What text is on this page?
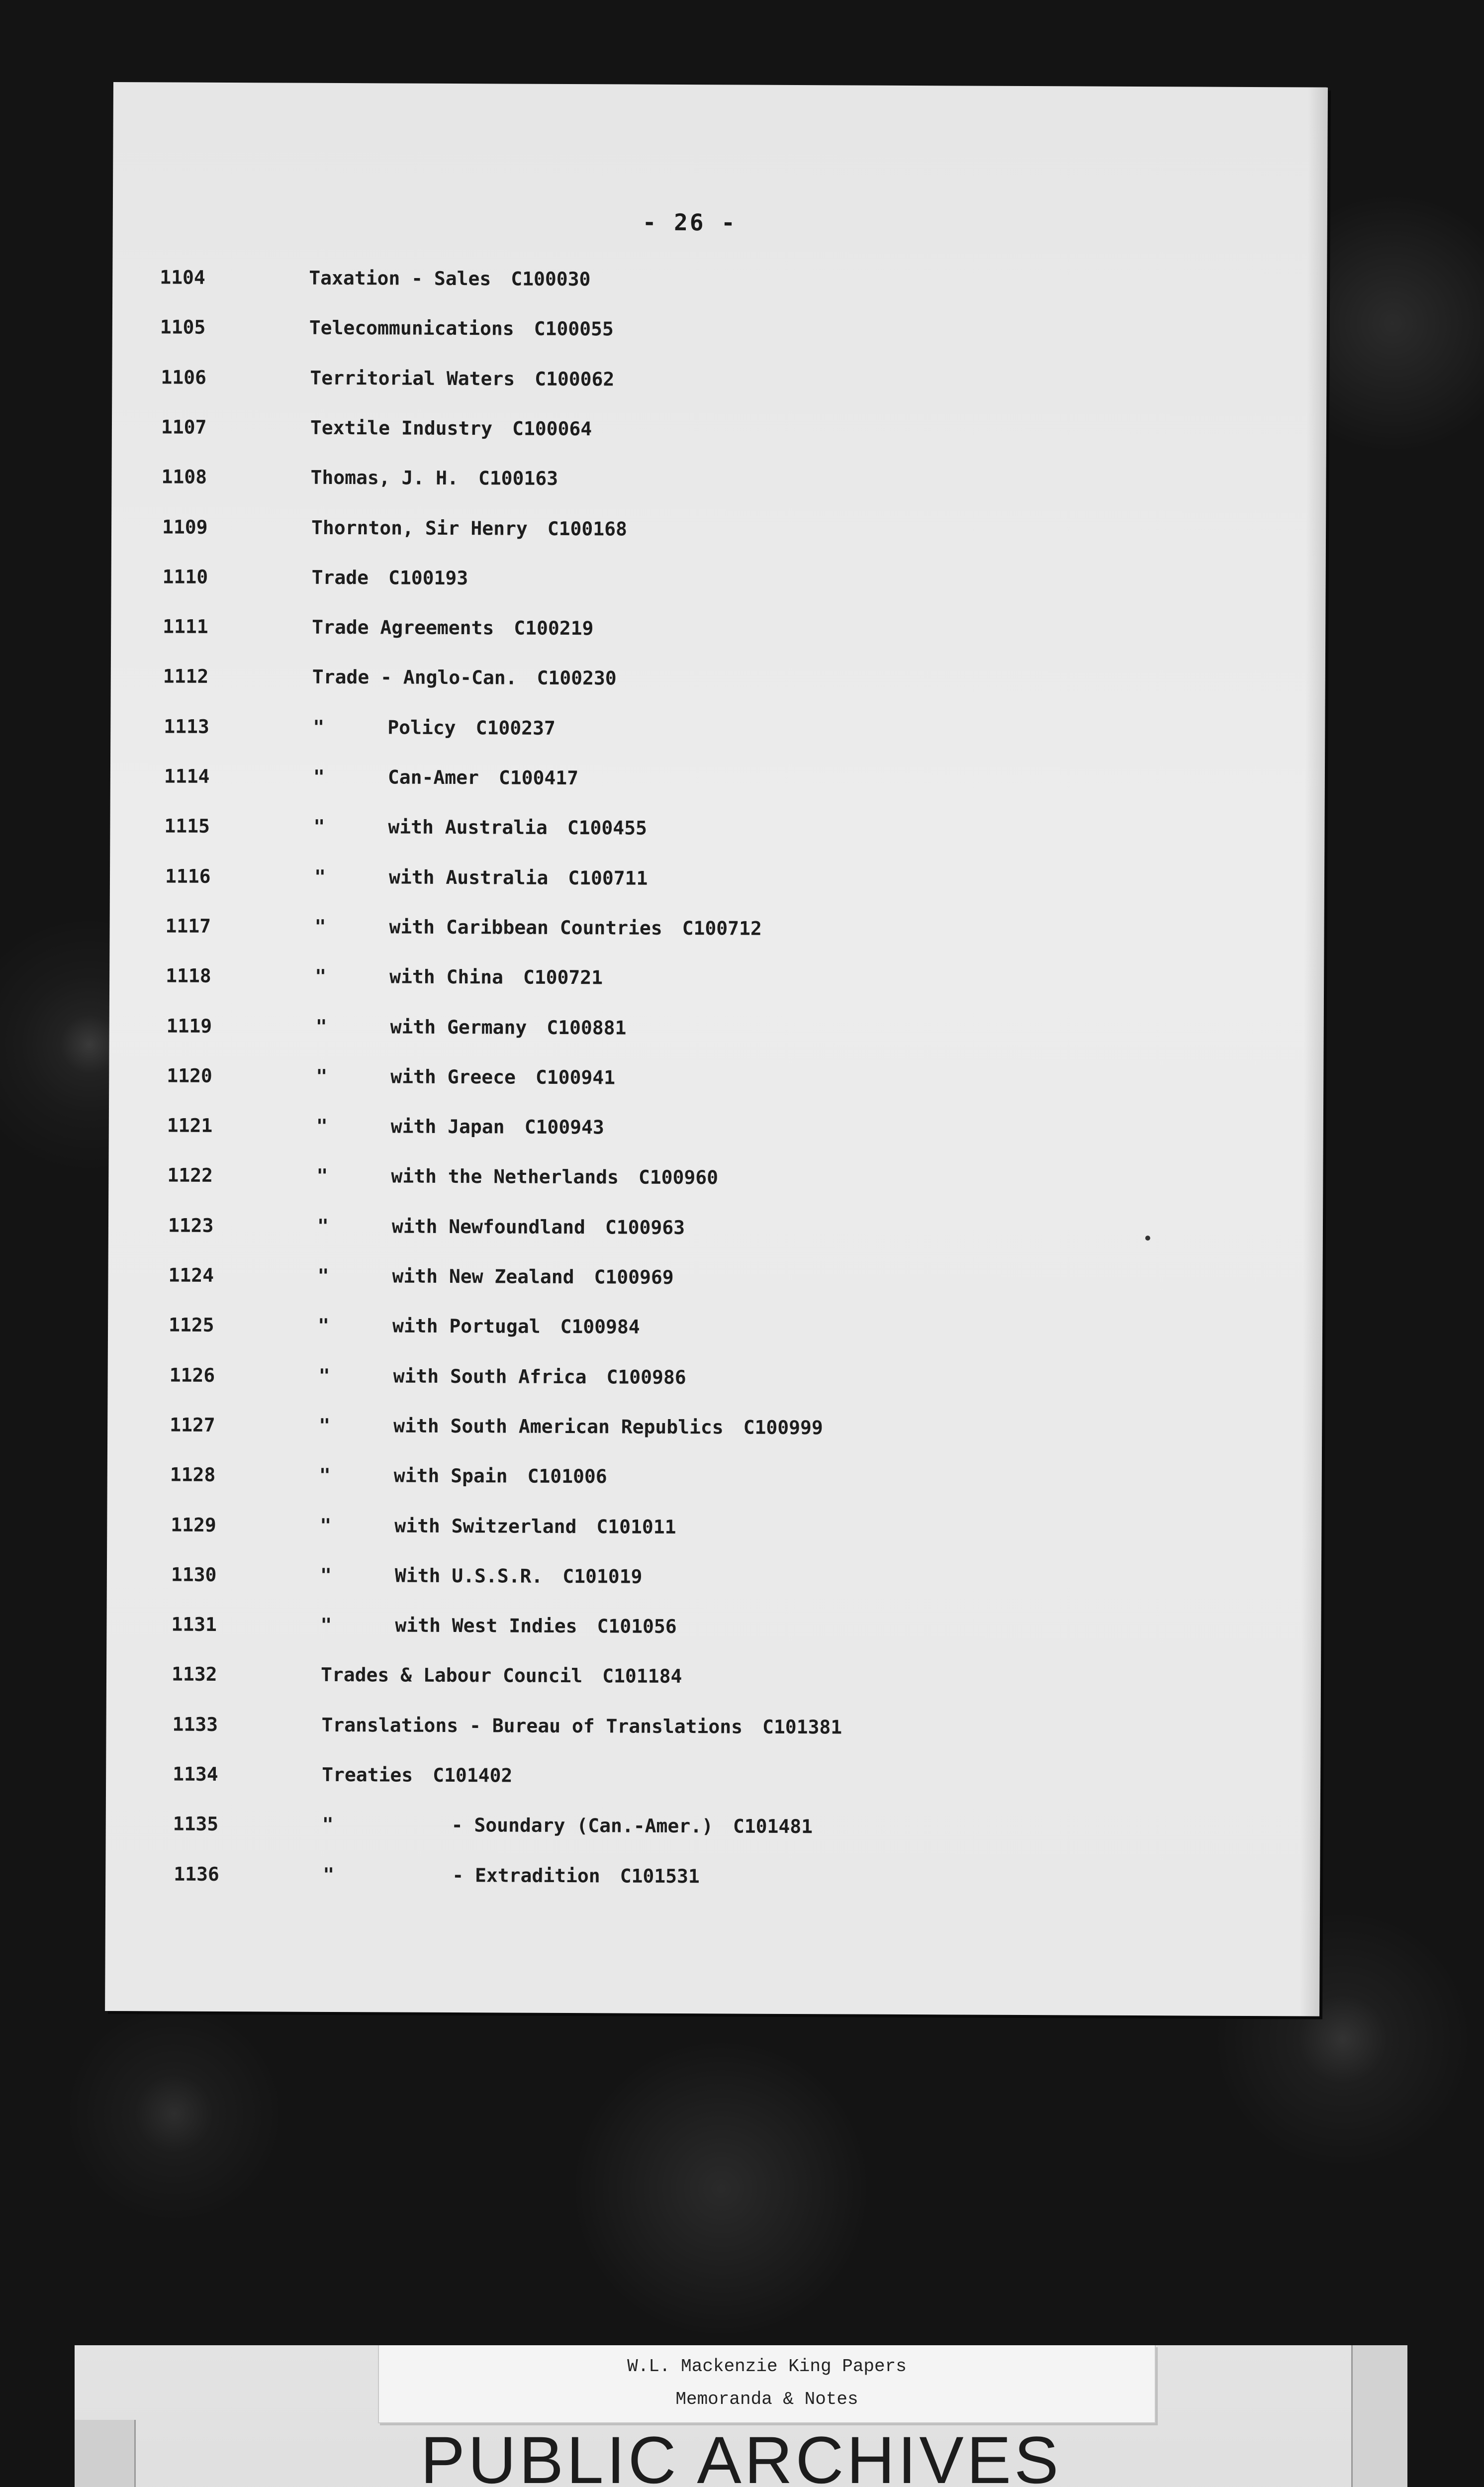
- 26 -
1104	Taxation - Sales C100030
1105	Telecommunications C100055
1106	Territorial Waters C100062
1107	Textile Industry C100064
1108	Thomas, J. H. C100163
1109	Thornton, Sir Henry C100168
1110	Trade C100193
1111	Trade Agreements C100219
1112	Trade - Anglo-Can. C100230
1113	"	Policy C100237
1114	"	Can-Amer C100417
1115	"	with Australia C100455
1116	"	with Australia C100711
1117	"	with Caribbean Countries C100712
1118	"	with China C100721
1119	"	with Germany C100881
1120	"	with Greece C100941
1121	"	with Japan C100943
1122	"	with the Netherlands C100960
1123	"	with Newfoundland C100963
1124	"	with New Zealand C100969
1125	"	with Portugal C100984
1126	"	with South Africa C100986
1127	"	with South American Republics C100999
1128	"	with Spain C101006
1129	"	with Switzerland C101011
1130	"	With U.S.S.R. C101019
1131	"	with West Indies C101056
1132	Trades & Labour Council C101184
1133	Translations - Bureau of Translations C101381
1134	Treaties C101402
1135	"	- Soundary (Can.-Amer.) C101481
1136	"	- Extradition C101531
W.L. Mackenzie King Papers
Memoranda & Notes
PUBLIC ARCHIVES
